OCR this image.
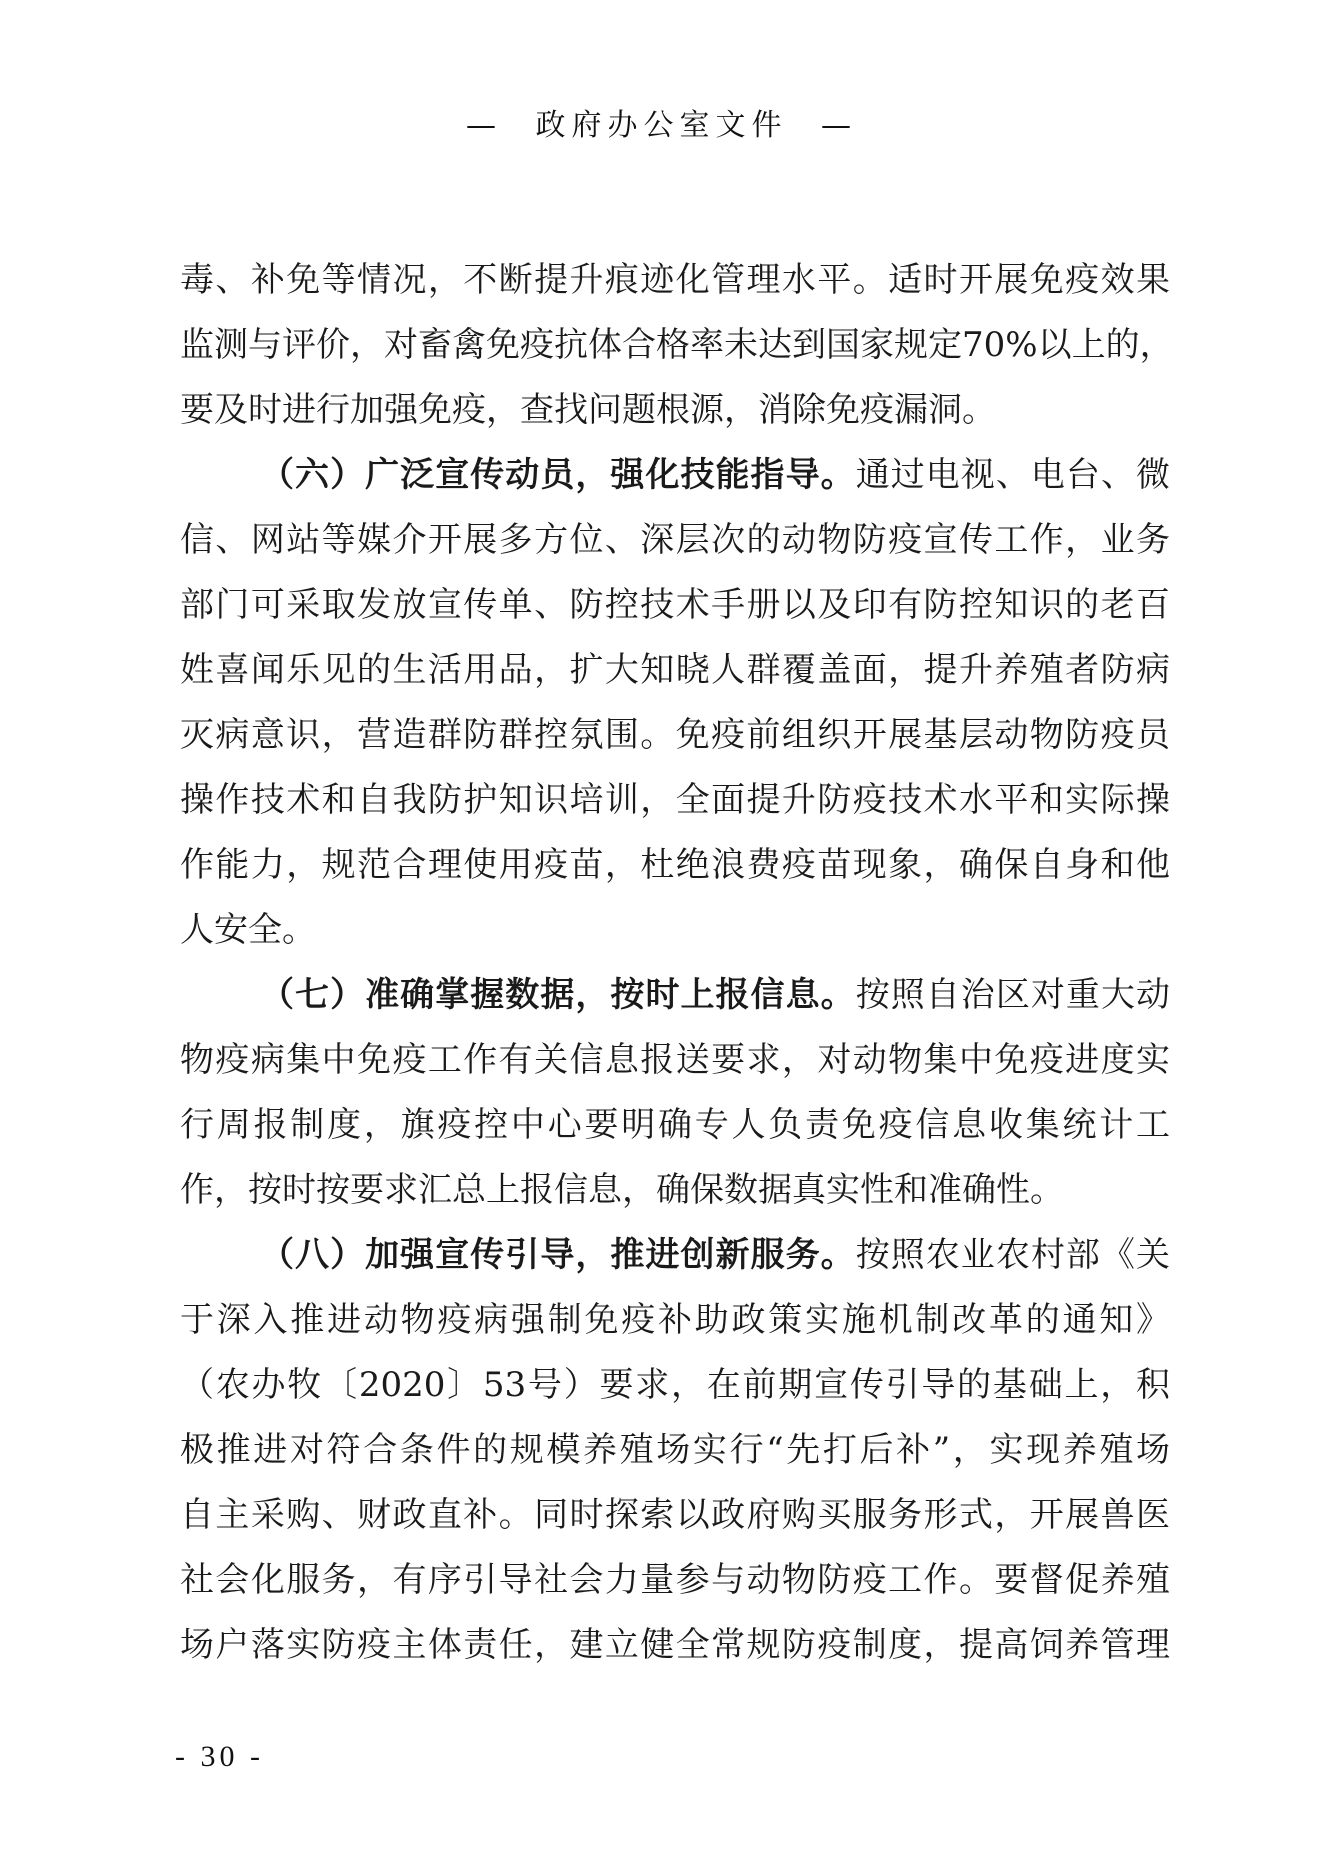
— 政府办公室文件 —
毒、补免等情况，不断提升痕迹化管理水平。适时开展免疫效果
监测与评价，对畜禽免疫抗体合格率未达到国家规定70%以上的，
要及时进行加强免疫，查找问题根源，消除免疫漏洞。
（六）广泛宣传动员，强化技能指导。通过电视、电台、微
信、网站等媒介开展多方位、深层次的动物防疫宣传工作，业务
部门可采取发放宣传单、防控技术手册以及印有防控知识的老百
姓喜闻乐见的生活用品，扩大知晓人群覆盖面，提升养殖者防病
灭病意识，营造群防群控氛围。免疫前组织开展基层动物防疫员
操作技术和自我防护知识培训，全面提升防疫技术水平和实际操
作能力，规范合理使用疫苗，杜绝浪费疫苗现象，确保自身和他
人安全。
（七）准确掌握数据，按时上报信息。按照自治区对重大动
物疫病集中免疫工作有关信息报送要求，对动物集中免疫进度实
行周报制度，旗疫控中心要明确专人负责免疫信息收集统计工
作，按时按要求汇总上报信息，确保数据真实性和准确性。
（八）加强宣传引导，推进创新服务。按照农业农村部《关
于深入推进动物疫病强制免疫补助政策实施机制改革的通知》
（农办牧〔2020〕53号）要求，在前期宣传引导的基础上，积
极推进对符合条件的规模养殖场实行“先打后补”，实现养殖场
自主采购、财政直补。同时探索以政府购买服务形式，开展兽医
社会化服务，有序引导社会力量参与动物防疫工作。要督促养殖
场户落实防疫主体责任，建立健全常规防疫制度，提高饲养管理
- 30 -
